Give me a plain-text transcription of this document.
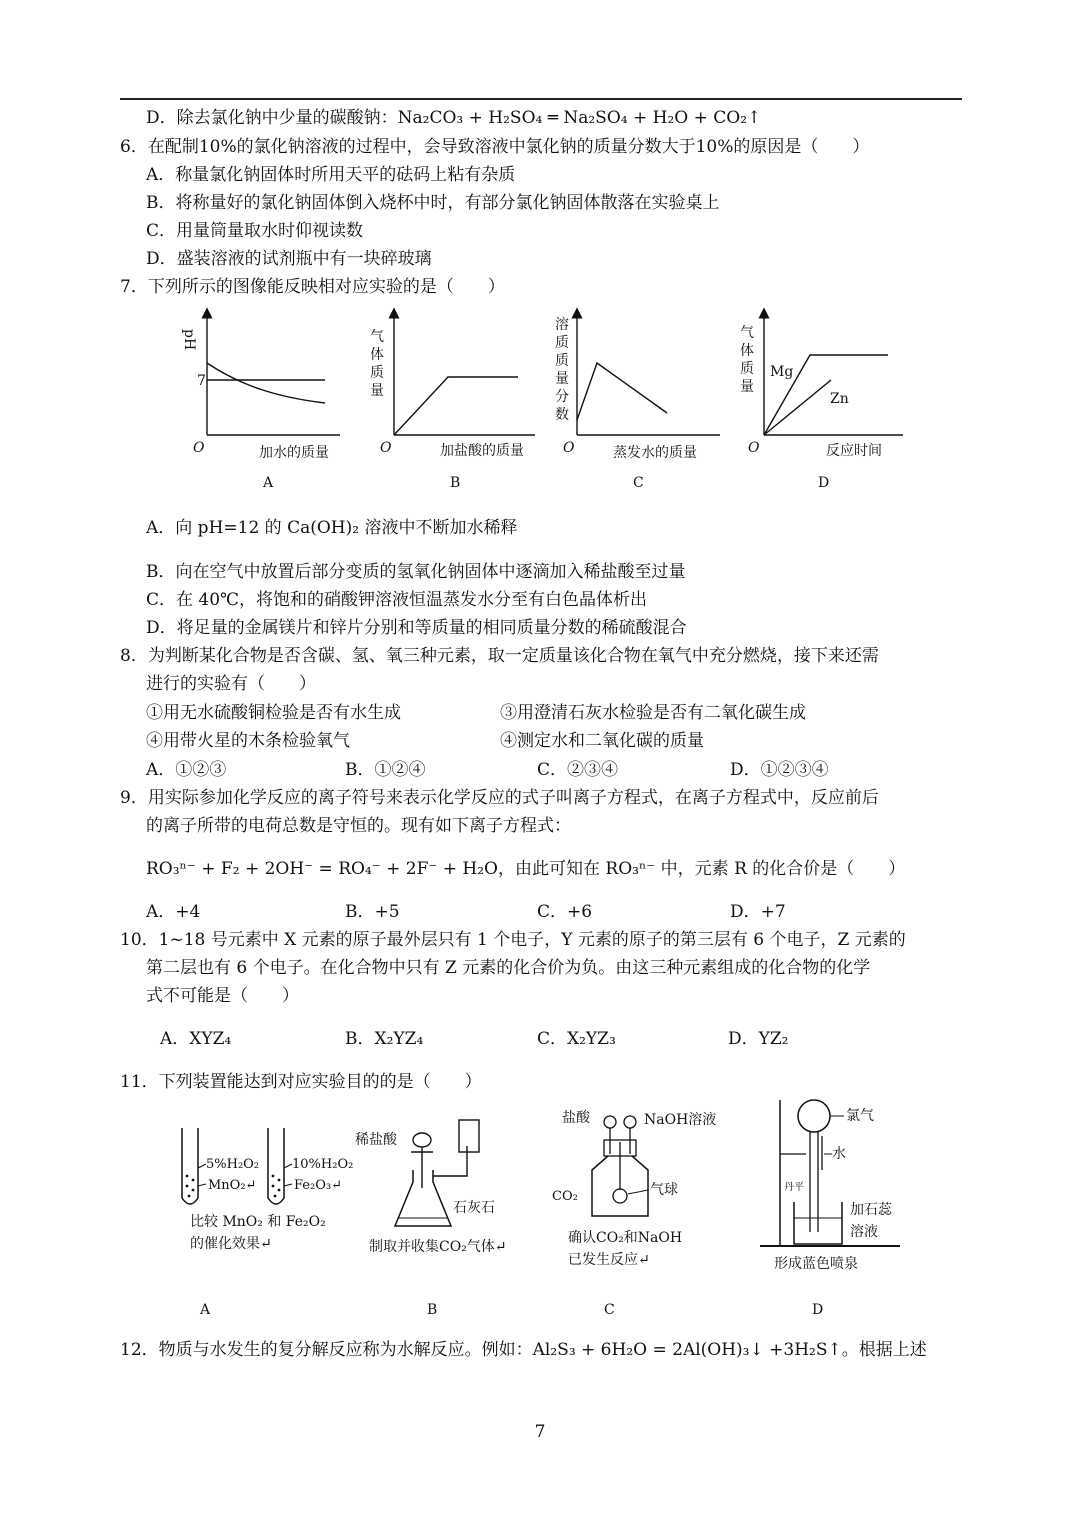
D．除去氯化钠中少量的碳酸钠：Na₂CO₃ + H₂SO₄ ═ Na₂SO₄ + H₂O + CO₂↑
6．在配制10%的氯化钠溶液的过程中，会导致溶液中氯化钠的质量分数大于10%的原因是（　　）
A．称量氯化钠固体时所用天平的砝码上粘有杂质
B．将称量好的氯化钠固体倒入烧杯中时，有部分氯化钠固体散落在实验桌上
C．用量筒量取水时仰视读数
D．盛装溶液的试剂瓶中有一块碎玻璃
7．下列所示的图像能反映相对应实验的是（　　）
pH
7
O	加水的质量
A
气
体
质
量
O	加盐酸的质量
B
溶
质
质
量
分
数
O	蒸发水的质量
C
气
体
质
量
Mg
Zn
O	反应时间
D
A．向 pH=12 的 Ca(OH)₂ 溶液中不断加水稀释
B．向在空气中放置后部分变质的氢氧化钠固体中逐滴加入稀盐酸至过量
C．在 40℃，将饱和的硝酸钾溶液恒温蒸发水分至有白色晶体析出
D．将足量的金属镁片和锌片分别和等质量的相同质量分数的稀硫酸混合
8．为判断某化合物是否含碳、氢、氧三种元素，取一定质量该化合物在氧气中充分燃烧，接下来还需
进行的实验有（　　）
①用无水硫酸铜检验是否有水生成	③用澄清石灰水检验是否有二氧化碳生成
④用带火星的木条检验氧气	④测定水和二氧化碳的质量
A．①②③	B．①②④	C．②③④	D．①②③④
9．用实际参加化学反应的离子符号来表示化学反应的式子叫离子方程式，在离子方程式中，反应前后
的离子所带的电荷总数是守恒的。现有如下离子方程式：
RO₃ⁿ⁻ + F₂ + 2OH⁻ = RO₄⁻ + 2F⁻ + H₂O，由此可知在 RO₃ⁿ⁻ 中，元素 R 的化合价是（　　）
A．+4	B．+5	C．+6	D．+7
10．1~18 号元素中 X 元素的原子最外层只有 1 个电子，Y 元素的原子的第三层有 6 个电子，Z 元素的
第二层也有 6 个电子。在化合物中只有 Z 元素的化合价为负。由这三种元素组成的化合物的化学
式不可能是（　　）
A．XYZ₄	B．X₂YZ₄	C．X₂YZ₃	D．YZ₂
11．下列装置能达到对应实验目的的是（　　）
5%H₂O₂
MnO₂↵
10%H₂O₂
Fe₂O₃↵
比较 MnO₂ 和 Fe₂O₂
的催化效果↵
A
稀盐酸
石灰石
制取并收集CO₂气体↵
B
盐酸	NaOH溶液
CO₂	气球
确认CO₂和NaOH
已发生反应↵
C
氯气
水
丹平
加石蕊
溶液
形成蓝色喷泉
D
12．物质与水发生的复分解反应称为水解反应。例如：Al₂S₃ + 6H₂O = 2Al(OH)₃↓ +3H₂S↑。根据上述
7
